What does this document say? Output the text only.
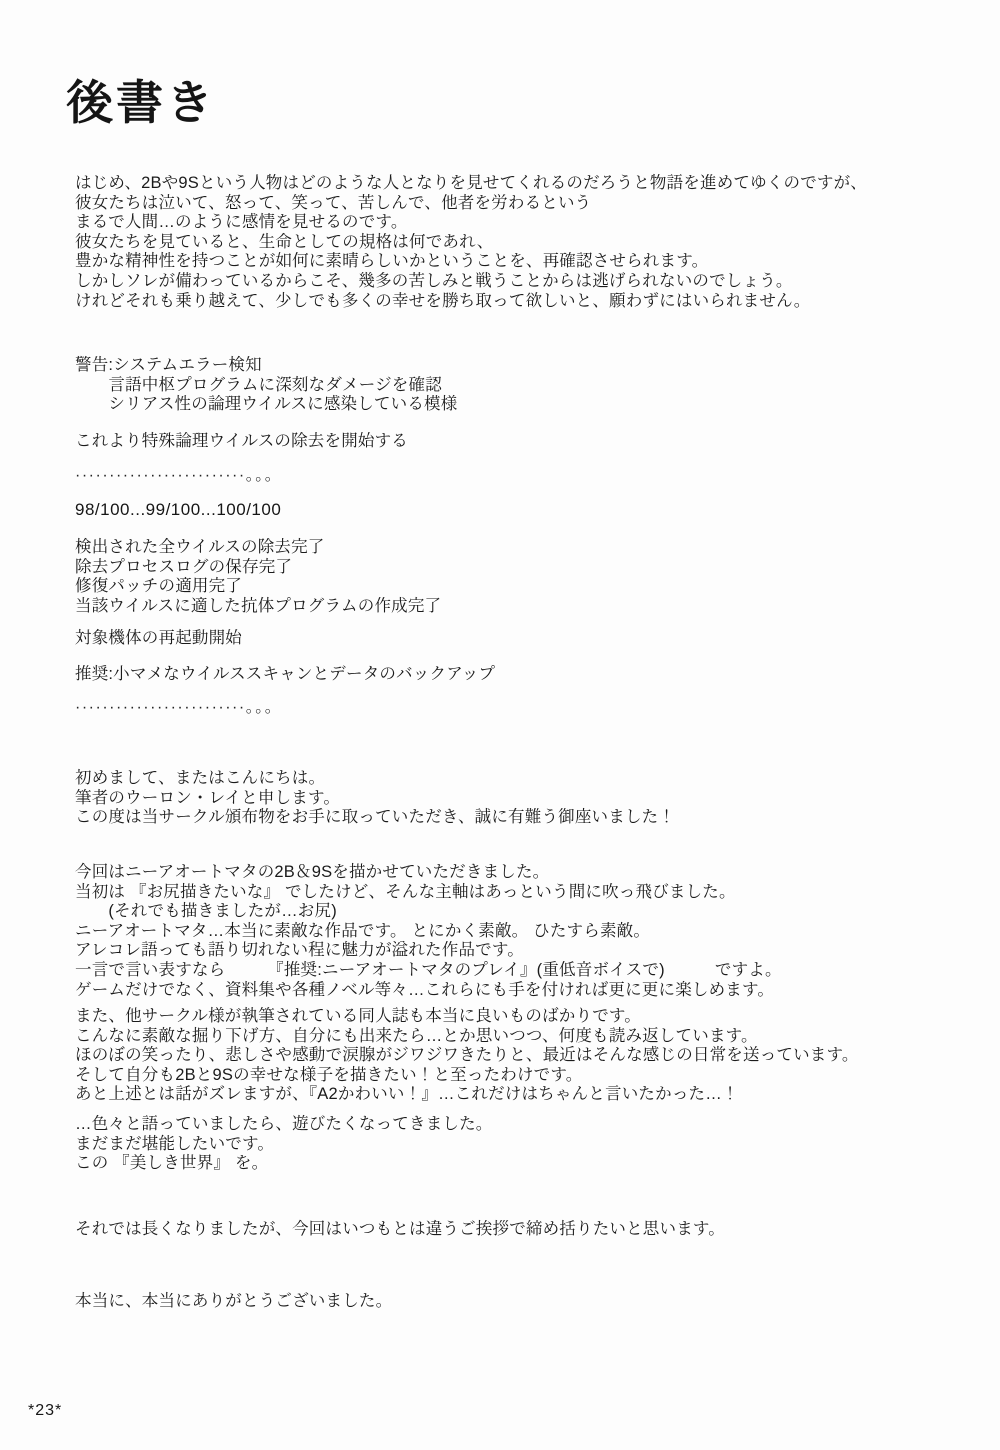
後書き
はじめ、2Bや9Sという人物はどのような人となりを見せてくれるのだろうと物語を進めてゆくのですが、
彼女たちは泣いて、怒って、笑って、苦しんで、他者を労わるという
まるで人間…のように感情を見せるのです。
彼女たちを見ていると、生命としての規格は何であれ、
豊かな精神性を持つことが如何に素晴らしいかということを、再確認させられます。
しかしソレが備わっているからこそ、幾多の苦しみと戦うことからは逃げられないのでしょう。
けれどそれも乗り越えて、少しでも多くの幸せを勝ち取って欲しいと、願わずにはいられません。
警告:システムエラー検知
　　言語中枢プログラムに深刻なダメージを確認
　　シリアス性の論理ウイルスに感染している模様
これより特殊論理ウイルスの除去を開始する
·························。。。
98/100...99/100...100/100
検出された全ウイルスの除去完了
除去プロセスログの保存完了
修復パッチの適用完了
当該ウイルスに適した抗体プログラムの作成完了
対象機体の再起動開始
推奨:小マメなウイルススキャンとデータのバックアップ
·························。。。
初めまして、またはこんにちは。
筆者のウーロン・レイと申します。
この度は当サークル頒布物をお手に取っていただき、誠に有難う御座いました！
今回はニーアオートマタの2B＆9Sを描かせていただきました。
当初は 『お尻描きたいな』 でしたけど、そんな主軸はあっという間に吹っ飛びました。
　　(それでも描きましたが…お尻)
ニーアオートマタ…本当に素敵な作品です。 とにかく素敵。 ひたすら素敵。
アレコレ語っても語り切れない程に魅力が溢れた作品です。
一言で言い表すなら　　　『推奨:ニーアオートマタのプレイ』(重低音ボイスで)　　　ですよ。
ゲームだけでなく、資料集や各種ノベル等々…これらにも手を付ければ更に更に楽しめます。
また、他サークル様が執筆されている同人誌も本当に良いものばかりです。
こんなに素敵な掘り下げ方、自分にも出来たら…とか思いつつ、何度も読み返しています。
ほのぼの笑ったり、悲しさや感動で涙腺がジワジワきたりと、最近はそんな感じの日常を送っています。
そして自分も2Bと9Sの幸せな様子を描きたい！と至ったわけです。
あと上述とは話がズレますが、『A2かわいい！』…これだけはちゃんと言いたかった…！
…色々と語っていましたら、遊びたくなってきました。
まだまだ堪能したいです。
この 『美しき世界』 を。
それでは長くなりましたが、今回はいつもとは違うご挨拶で締め括りたいと思います。
本当に、本当にありがとうございました。
*23*
